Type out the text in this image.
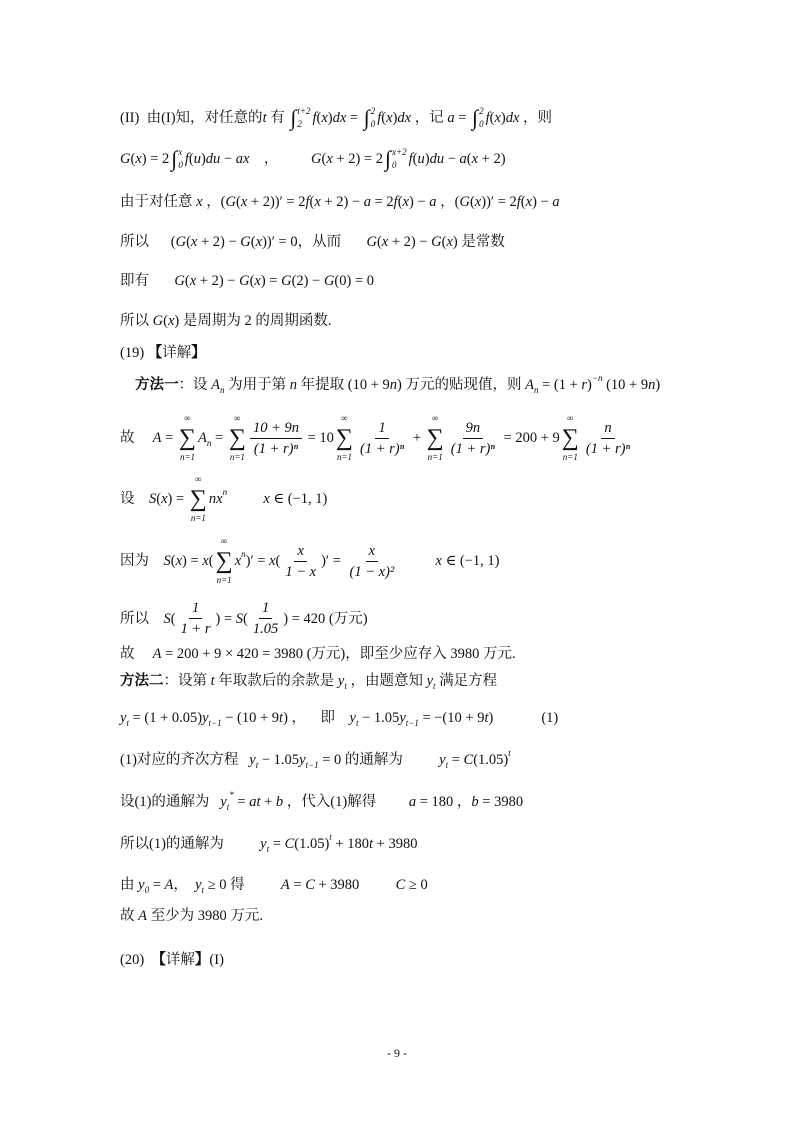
(II)  由(I)知，对任意的 t 有 ∫ t+2
2 f ( x ) dx = ∫ 2
0 f ( x ) dx ，记 a = ∫ 2
0 f ( x ) dx ，则
G ( x ) = 2 ∫ x
0 f ( u ) du − ax ， G ( x + 2) = 2 ∫ x+2
0 f ( u ) du − a ( x + 2)
由于对任意 x ，( G ( x + 2))′ = 2 f ( x + 2) − a = 2 f ( x ) − a ，( G ( x ))′ = 2 f ( x ) − a
所以      ( G ( x + 2) − G ( x ))′ = 0，从而 G ( x + 2) − G ( x ) 是常数
即有 G ( x + 2) − G ( x ) = G (2) − G (0) = 0
所以 G ( x ) 是周期为 2 的周期函数.
(19) 【 详解 】
方法一 ：设 A n 为用于第 n 年提取 (10 + 9 n ) 万元的贴现值，则 A n = (1 + r ) −n (10 + 9 n )
故 A =
∞
∑
n=1
A n =
∞
∑
$n=1 \frac{10 + 9n}{\text{(1 + r)ⁿ}} = 10$
∞
∑
$n=1 \frac{1}{\text{(1 + r)ⁿ}}$ +
∞
∑
$n=1 \frac{9n}{\text{(1 + r)ⁿ}} = 200 + 9$
∞
∑
$n=1 \frac{n}{\text{(1 + r)ⁿ}}$
设 S ( x ) =
∞
∑
n=1
nx n
	x ∈ (−1, 1)
因为 S ( x ) = x (
∞
∑
n=1
x n )′ = x ( $\frac{x}{1 - x}$ )′ = $\frac{x}{\text{(1 − x)²}}$
	x ∈ (−1, 1)
所以 S ( $\frac{1}{1 + r}$ ) = S ( $\frac{1}{1.05}$ ) = 420 (万元)
故 A = 200 + 9 × 420 = 3980 (万元)，即至少应存入 3980 万元.
方法二 ：设第 t 年取款后的余款是 y t ，由题意知 y t 满足方程
y t = (1 + 0.05) y t−1 − (10 + 9 t ) ，    即 y t − 1.05 y t−1 = −(10 + 9 t )	(1)
(1)对应的齐次方程 y t − 1.05 y t−1 = 0 的通解为 y t = C (1.05) t
设(1)的通解为 y t
* = at + b ，代入(1)解得 a = 180 ， b = 3980
所以(1)的通解为 y t = C (1.05) t + 180 t + 3980
由 y 0 = A ， y t ≥ 0 得 A = C + 3980 C ≥ 0
故 A 至少为 3980 万元.
(20) 【 详解 】 (I)
- 9 -
